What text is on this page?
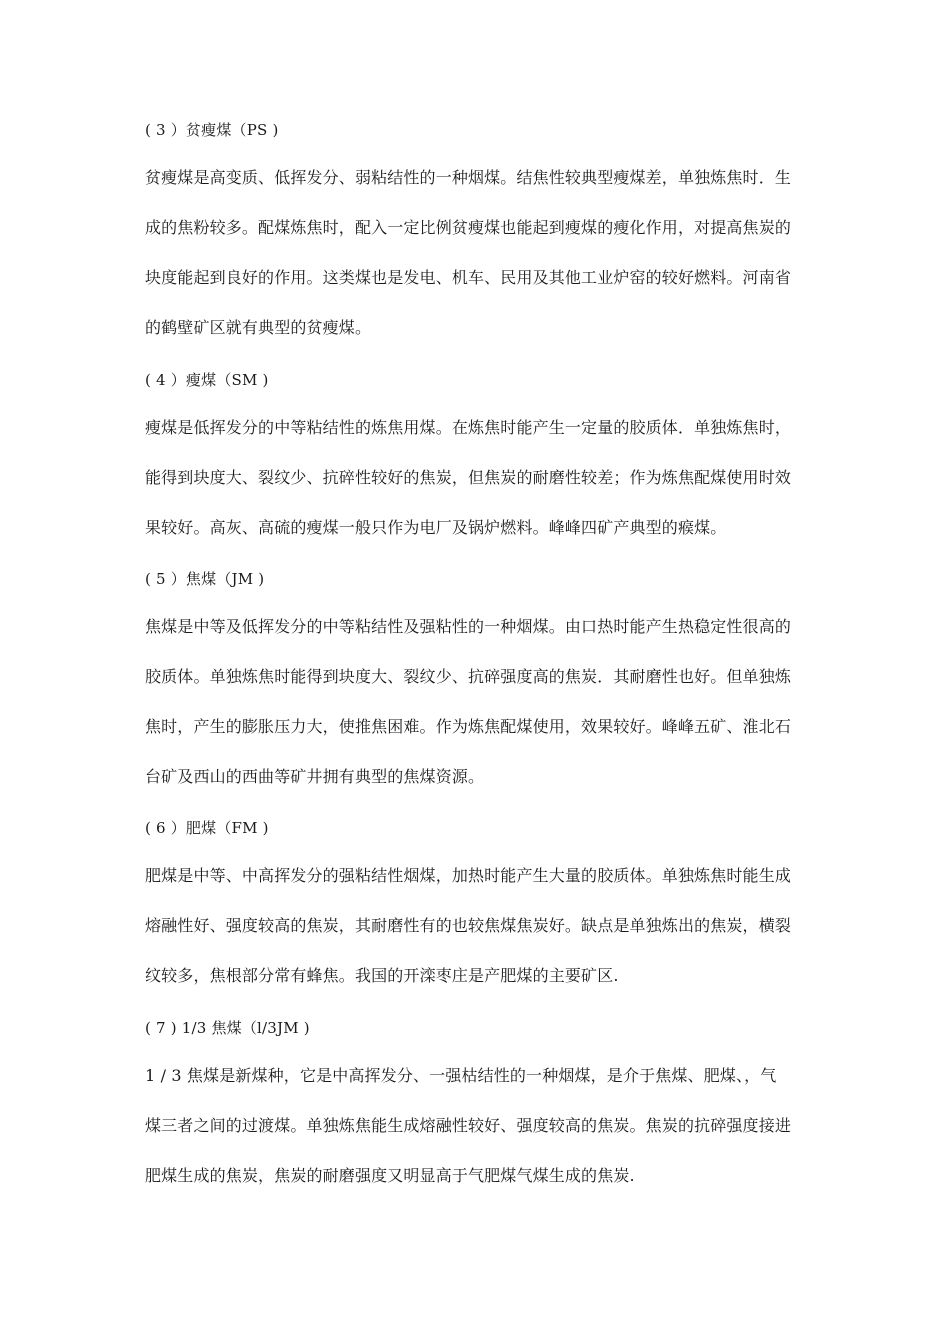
( 3 ）贫瘦煤（PS )
贫瘦煤是高变质、低挥发分、弱粘结性的一种烟煤。结焦性较典型瘦煤差，单独炼焦时．生
成的焦粉较多。配煤炼焦时，配入一定比例贫瘦煤也能起到瘦煤的瘦化作用，对提高焦炭的
块度能起到良好的作用。这类煤也是发电、机车、民用及其他工业炉窑的较好燃料。河南省
的鹤壁矿区就有典型的贫瘦煤。
( 4 ）瘦煤（SM )
瘦煤是低挥发分的中等粘结性的炼焦用煤。在炼焦时能产生一定量的胶质体．单独炼焦时，
能得到块度大、裂纹少、抗碎性较好的焦炭，但焦炭的耐磨性较差；作为炼焦配煤使用时效
果较好。高灰、高硫的瘦煤一般只作为电厂及锅炉燃料。峰峰四矿产典型的瘊煤。
( 5 ）焦煤（JM )
焦煤是中等及低挥发分的中等粘结性及强粘性的一种烟煤。由口热时能产生热稳定性很高的
胶质体。单独炼焦时能得到块度大、裂纹少、抗碎强度高的焦炭．其耐磨性也好。但单独炼
焦时，产生的膨胀压力大，使推焦困难。作为炼焦配煤使用，效果较好。峰峰五矿、淮北石
台矿及西山的西曲等矿井拥有典型的焦煤资源。
( 6 ）肥煤（FM )
肥煤是中等、中高挥发分的强粘结性烟煤，加热时能产生大量的胶质体。单独炼焦时能生成
熔融性好、强度较高的焦炭，其耐磨性有的也较焦煤焦炭好。缺点是单独炼出的焦炭，横裂
纹较多，焦根部分常有蜂焦。我国的开滦枣庄是产肥煤的主要矿区.
( 7 ) 1/3 焦煤（l/3JM )
1 / 3 焦煤是新煤种，它是中高挥发分、一强枯结性的一种烟煤，是介于焦煤、肥煤、，气
煤三者之间的过渡煤。单独炼焦能生成熔融性较好、强度较高的焦炭。焦炭的抗碎强度接进
肥煤生成的焦炭，焦炭的耐磨强度又明显高于气肥煤气煤生成的焦炭.
